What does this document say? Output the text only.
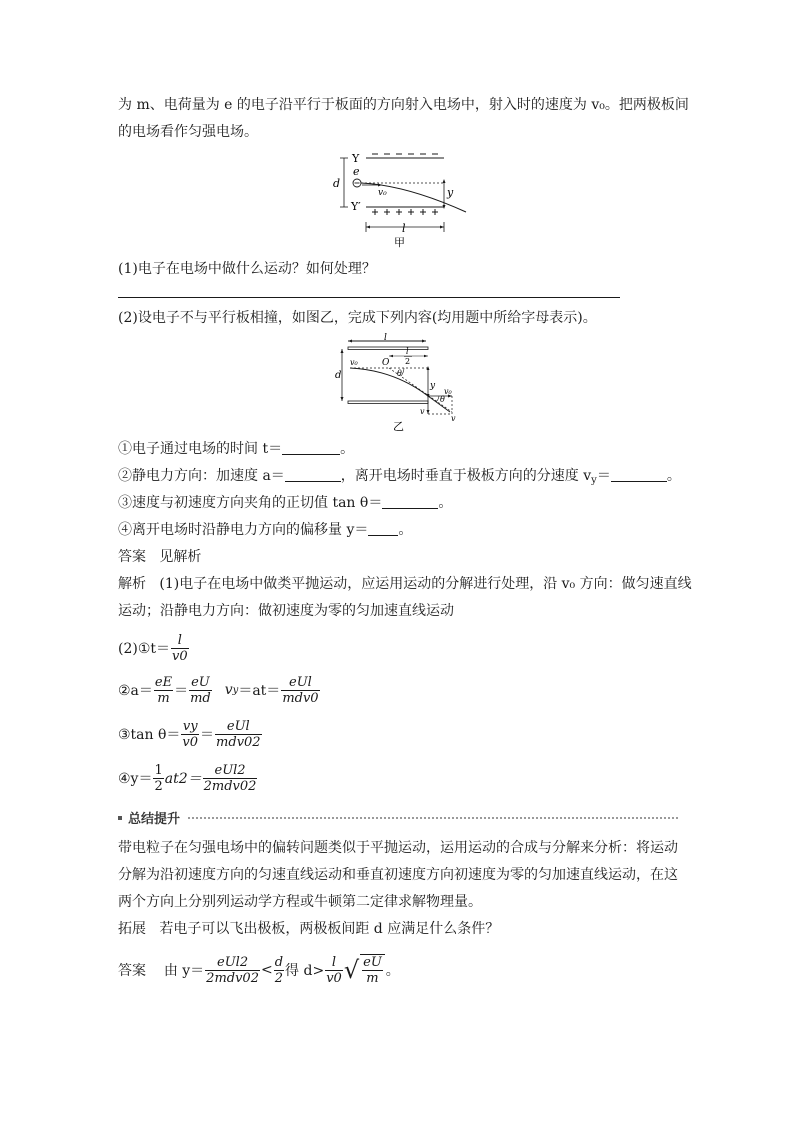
为 m、电荷量为 e 的电子沿平行于板面的方向射入电场中，射入时的速度为 v₀。把两极板间
的电场看作匀强电场。
Y
Y′
e
d
v₀	y
l
甲
(1)电子在电场中做什么运动？如何处理？
(2)设电子不与平行板相撞，如图乙，完成下列内容(均用题中所给字母表示)。
l
O
l
2
θ
θ
d
v₀
y
v₀
v
v
乙
①电子通过电场的时间 t＝	。
②静电力方向：加速度 a＝	，离开电场时垂直于极板方向的分速度 $v_y=$	。
③速度与初速度方向夹角的正切值 tan θ＝	。
④离开电场时沿静电力方向的偏移量 y＝ 。
答案 见解析
解析 (1)电子在电场中做类平抛运动，应运用运动的分解进行处理，沿 v₀ 方向：做匀速直线
运动；沿静电力方向：做初速度为零的匀加速直线运动
(2)①t＝ $\frac{l}{v0}$
②a＝ $\frac{eE}{m} = \frac{eU}{md}$ v $y =at= \frac{\text{eUl}}{\text{mdv0}}$
③tan $\theta= \frac{vy}{v0} = \frac{\text{eUl}}{\text{mdv02}}$
④y＝ $\frac{1}{2} at2= \frac{\text{eUl2}}{\text{2mdv02}}$
总结提升
带电粒子在匀强电场中的偏转问题类似于平抛运动，运用运动的合成与分解来分析：将运动
分解为沿初速度方向的匀速直线运动和垂直初速度方向初速度为零的匀加速直线运动，在这
两个方向上分别列运动学方程或牛顿第二定律求解物理量。
拓展 若电子可以飞出极板，两极板间距 d 应满足什么条件？
答案
由 $y= \frac{\text{eUl2}}{\text{2mdv02}} < \frac{d}{2}$ 得 $d> \frac{l}{v0}$ √ $\frac{eU}{m}$ 。
